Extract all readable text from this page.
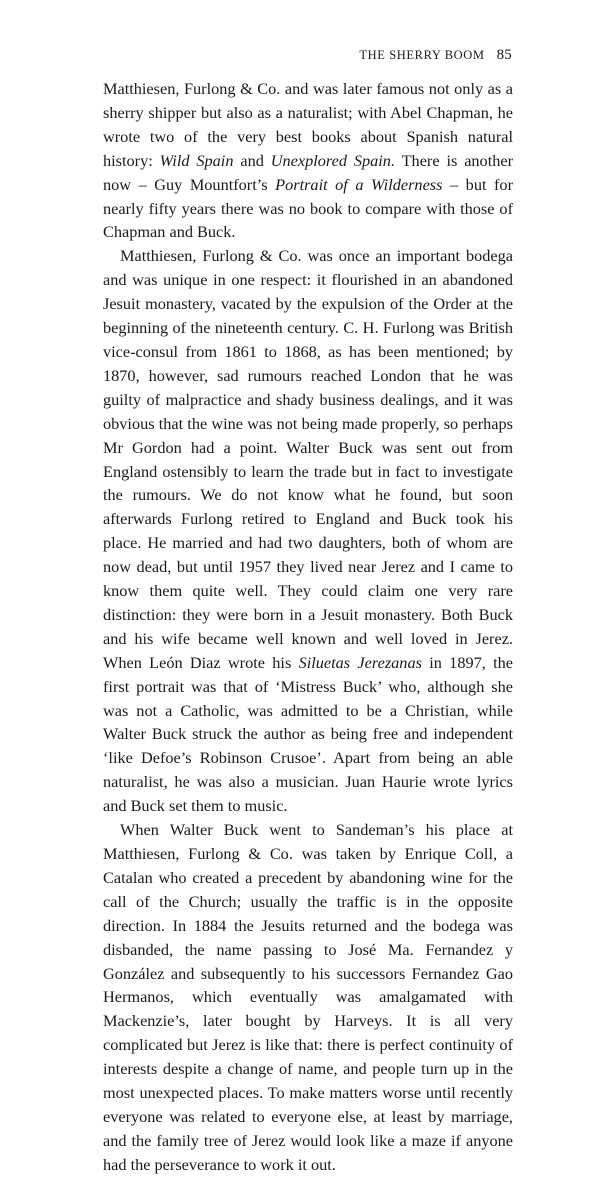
THE SHERRY BOOM 85

Matthiesen, Furlong & Co. and was later famous not only as a sherry shipper but also as a naturalist; with Abel Chapman, he wrote two of the very best books about Spanish natural history: Wild Spain and Unexplored Spain. There is another now – Guy Mountfort’s Portrait of a Wilderness – but for nearly fifty years there was no book to compare with those of Chapman and Buck.

Matthiesen, Furlong & Co. was once an important bodega and was unique in one respect: it flourished in an abandoned Jesuit monastery, vacated by the expulsion of the Order at the beginning of the nineteenth century. C. H. Furlong was British vice-consul from 1861 to 1868, as has been mentioned; by 1870, however, sad rumours reached London that he was guilty of malpractice and shady business dealings, and it was obvious that the wine was not being made properly, so perhaps Mr Gordon had a point. Walter Buck was sent out from England ostensibly to learn the trade but in fact to investigate the rumours. We do not know what he found, but soon afterwards Furlong retired to England and Buck took his place. He married and had two daughters, both of whom are now dead, but until 1957 they lived near Jerez and I came to know them quite well. They could claim one very rare distinction: they were born in a Jesuit monastery. Both Buck and his wife became well known and well loved in Jerez. When León Diaz wrote his Siluetas Jerezanas in 1897, the first portrait was that of ‘Mistress Buck’ who, although she was not a Catholic, was admitted to be a Christian, while Walter Buck struck the author as being free and independent ‘like Defoe’s Robinson Crusoe’. Apart from being an able naturalist, he was also a musician. Juan Haurie wrote lyrics and Buck set them to music.

When Walter Buck went to Sandeman’s his place at Matthiesen, Furlong & Co. was taken by Enrique Coll, a Catalan who created a precedent by abandoning wine for the call of the Church; usually the traffic is in the opposite direction. In 1884 the Jesuits returned and the bodega was disbanded, the name passing to José Ma. Fernandez y González and subsequently to his successors Fernandez Gao Hermanos, which eventually was amalgamated with Mackenzie’s, later bought by Harveys. It is all very complicated but Jerez is like that: there is perfect continuity of interests despite a change of name, and people turn up in the most unexpected places. To make matters worse until recently everyone was related to everyone else, at least by marriage, and the family tree of Jerez would look like a maze if anyone had the perseverance to work it out.
